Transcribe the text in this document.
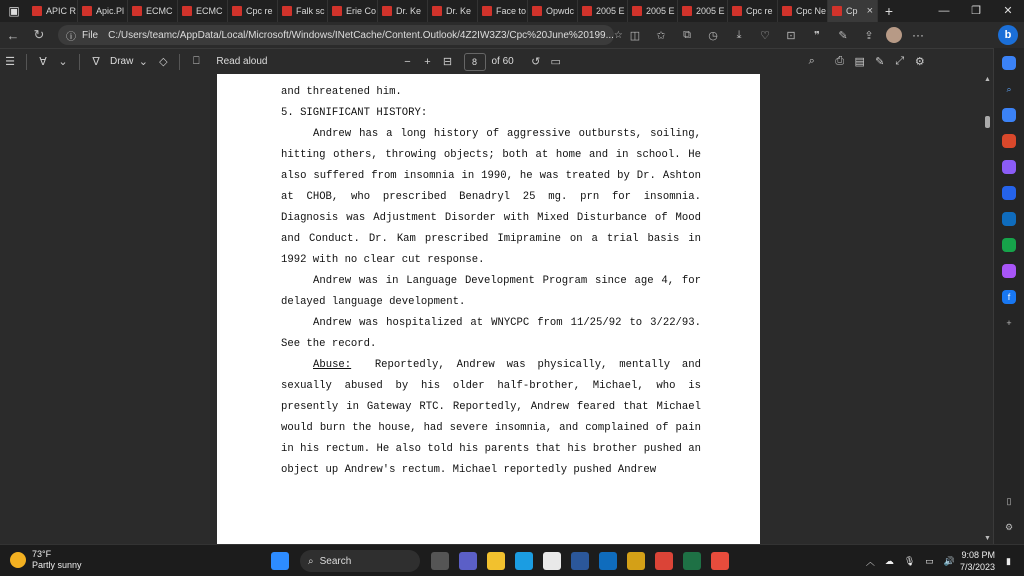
▣	APIC R Apic.Pl ECMC	ECMC	Cpc re	Falk sc Erie Co Dr. Ke	Dr. Ke	Face to Opwdc 2005 E 2005 E 2005 E Cpc re	Cpc Ne Cp × +	—	❐	✕
←	↻	ⓘ File C:/Users/teamc/AppData/Local/Microsoft/Windows/INetCache/Content.Outlook/4Z2IW3Z3/Cpc%20June%20199... ☆ ◫	✩	⧉	◷	⤓	♡	⊡	❞	✎	⇪	···	b
☰	∀	⌄	∇	Draw ⌄	◇	⎕	Read aloud	−	+	⊟	8	of 60	↺ ▭	⌕	⎙ ▤ ✎ ⤢ ⚙

and threatened him.

5. SIGNIFICANT HISTORY:

Andrew has a long history of aggressive outbursts, soiling, hitting others, throwing objects; both at home and in school. He also suffered from insomnia in 1990, he was treated by Dr. Ashton at CHOB, who prescribed Benadryl 25 mg. prn for insomnia. Diagnosis was Adjustment Disorder with Mixed Disturbance of Mood and Conduct. Dr. Kam prescribed Imipramine on a trial basis in 1992 with no clear cut response.

Andrew was in Language Development Program since age 4, for delayed language development.

Andrew was hospitalized at WNYCPC from 11/25/92 to 3/22/93. See the record.

Abuse: Reportedly, Andrew was physically, mentally and sexually abused by his older half-brother, Michael, who is presently in Gateway RTC. Reportedly, Andrew feared that Michael would burn the house, had severe insomnia, and complained of pain in his rectum. He also told his parents that his brother pushed an object up Andrew's rectum. Michael reportedly pushed Andrew

▲
▼
⌕
f
+
▯
⚙
73°F
Partly sunny	⌕ Search	︿ ☁ 🎙 ▭ 🔊
9:08 PM
7/3/2023
▮
